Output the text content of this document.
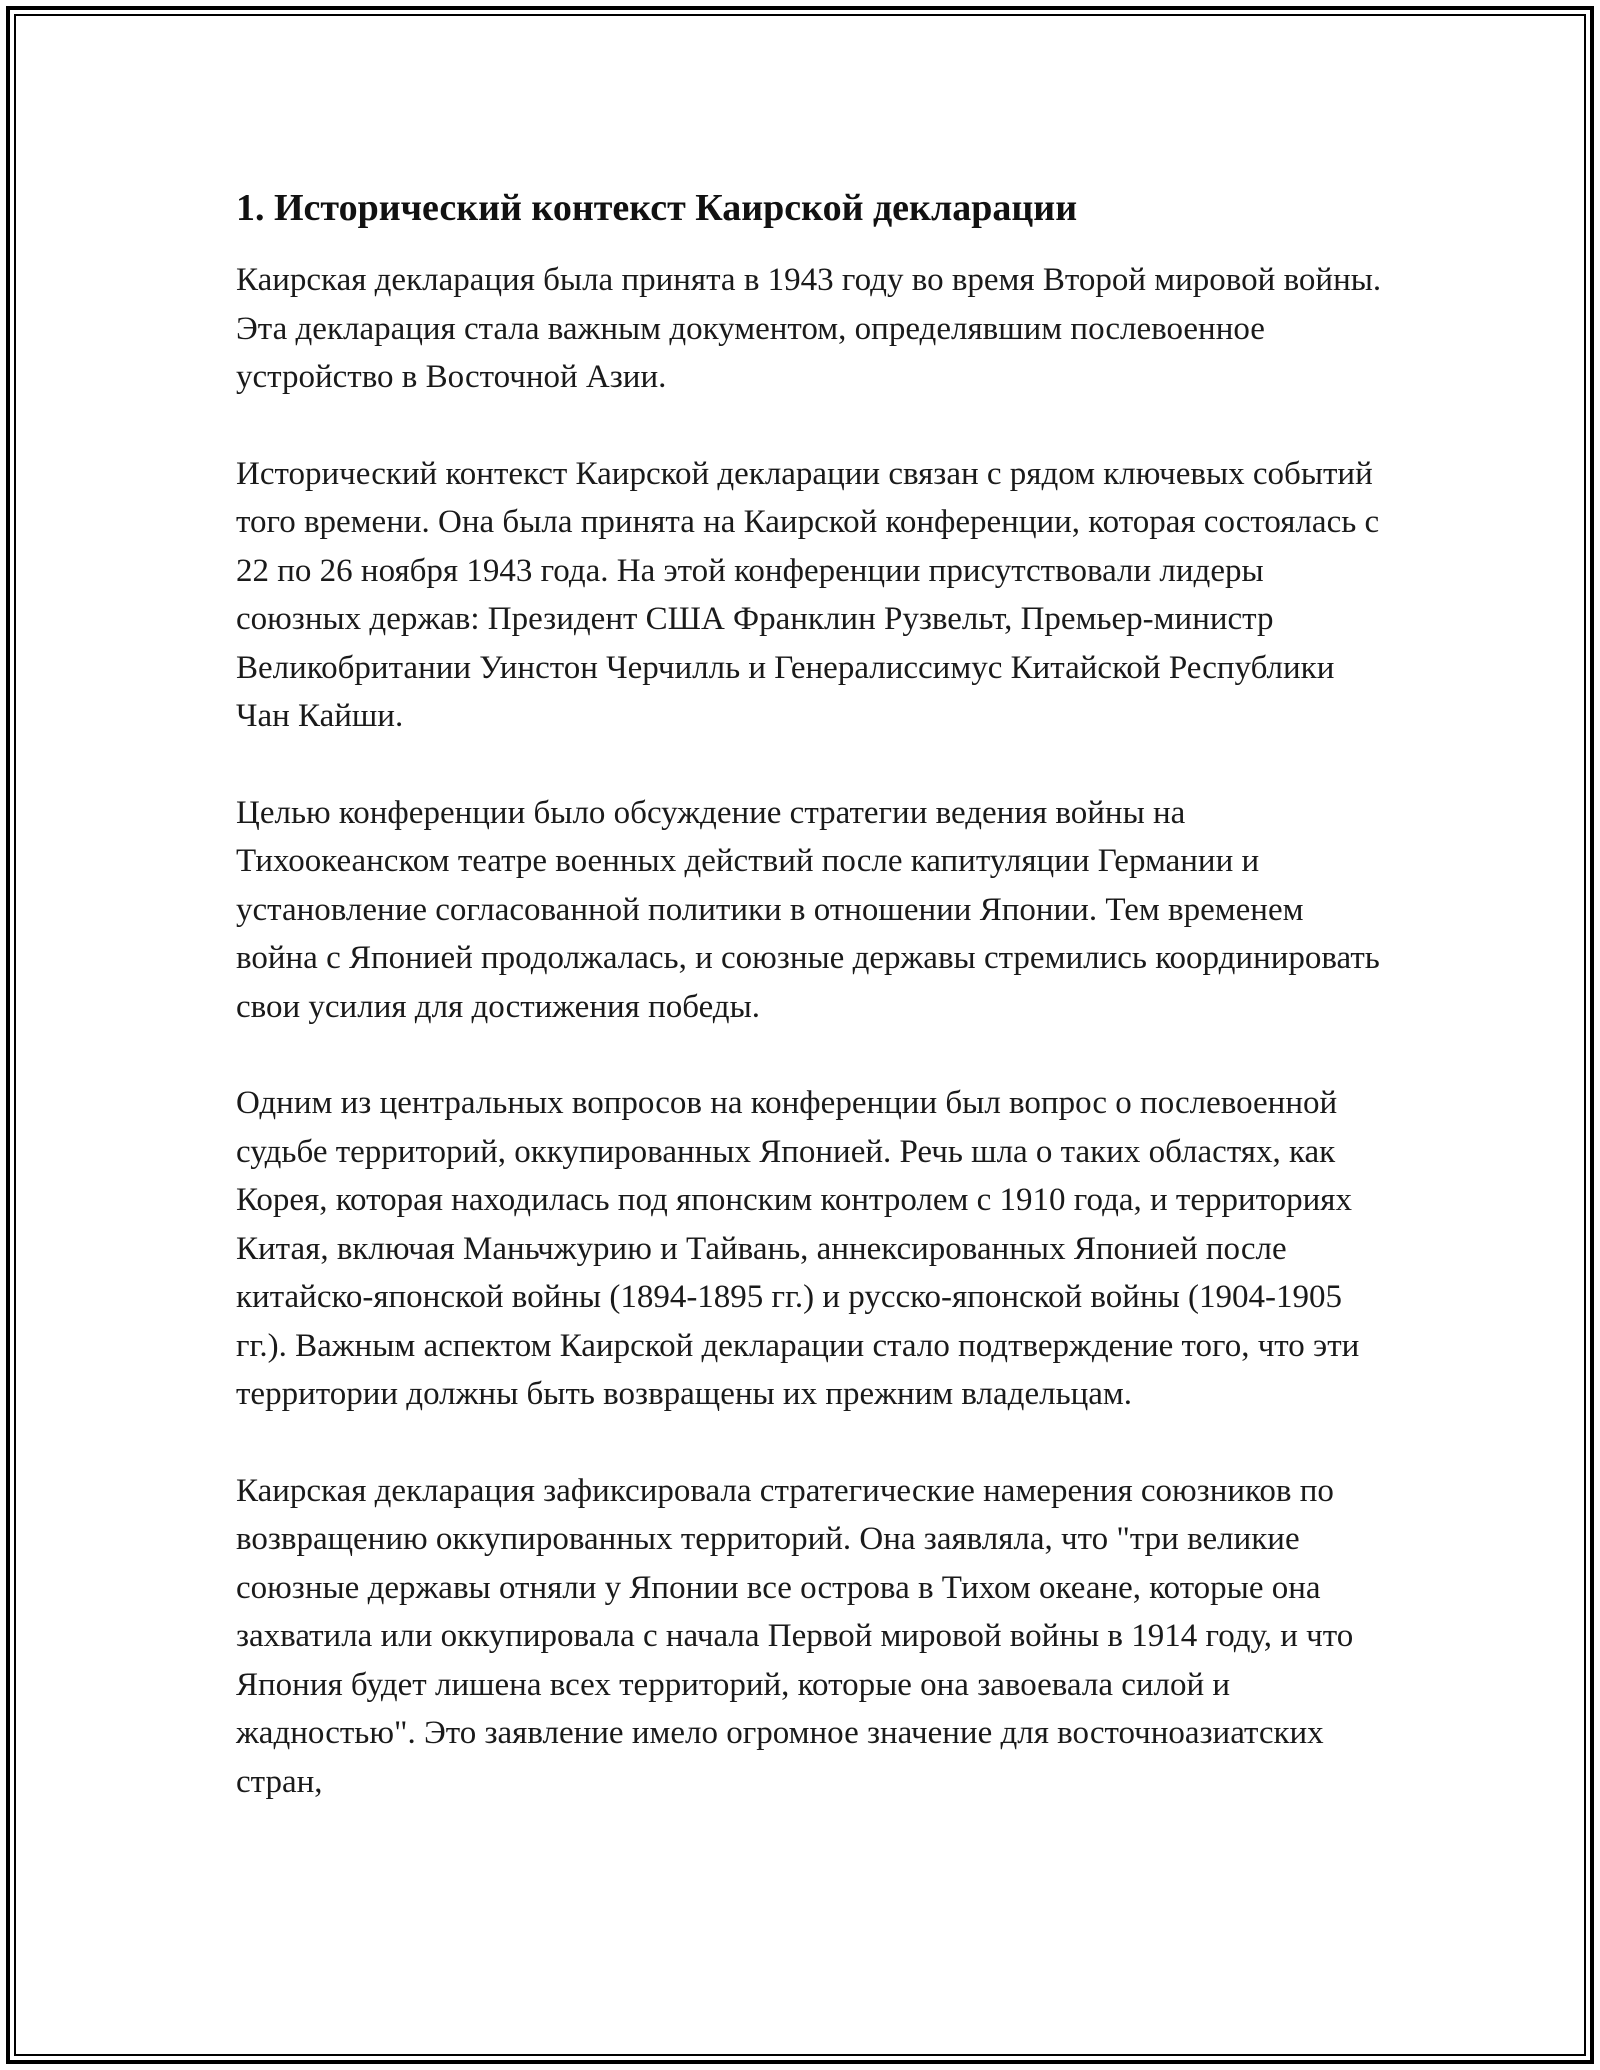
1. Исторический контекст Каирской декларации

Каирская декларация была принята в 1943 году во время Второй мировой войны. Эта декларация стала важным документом, определявшим послевоенное устройство в Восточной Азии.

Исторический контекст Каирской декларации связан с рядом ключевых событий того времени. Она была принята на Каирской конференции, которая состоялась с 22 по 26 ноября 1943 года. На этой конференции присутствовали лидеры союзных держав: Президент США Франклин Рузвельт, Премьер-министр Великобритании Уинстон Черчилль и Генералиссимус Китайской Республики Чан Кайши.

Целью конференции было обсуждение стратегии ведения войны на Тихоокеанском театре военных действий после капитуляции Германии и установление согласованной политики в отношении Японии. Тем временем война с Японией продолжалась, и союзные державы стремились координировать свои усилия для достижения победы.

Одним из центральных вопросов на конференции был вопрос о послевоенной судьбе территорий, оккупированных Японией. Речь шла о таких областях, как Корея, которая находилась под японским контролем с 1910 года, и территориях Китая, включая Маньчжурию и Тайвань, аннексированных Японией после китайско-японской войны (1894-1895 гг.) и русско-японской войны (1904-1905 гг.). Важным аспектом Каирской декларации стало подтверждение того, что эти территории должны быть возвращены их прежним владельцам.

Каирская декларация зафиксировала стратегические намерения союзников по возвращению оккупированных территорий. Она заявляла, что "три великие союзные державы отняли у Японии все острова в Тихом океане, которые она захватила или оккупировала с начала Первой мировой войны в 1914 году, и что Япония будет лишена всех территорий, которые она завоевала силой и жадностью". Это заявление имело огромное значение для восточноазиатских стран,
